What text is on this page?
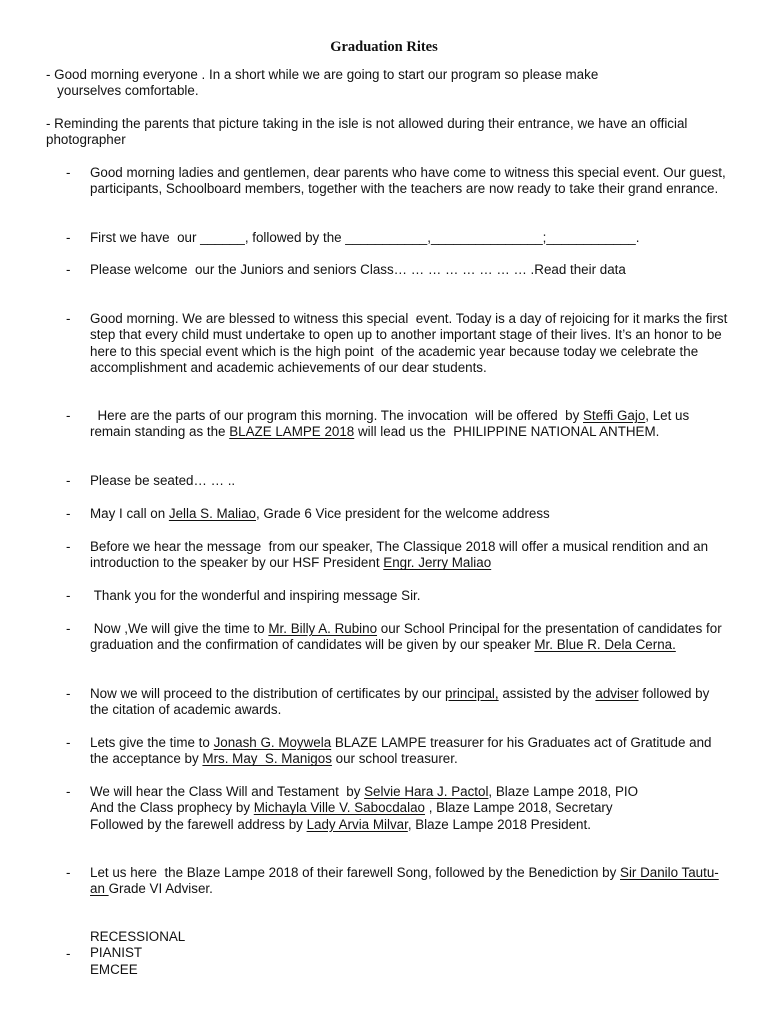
Graduation Rites
- Good morning everyone . In a short while we are going to start our program so please make
yourselves comfortable.
- Reminding the parents that picture taking in the isle is not allowed during their entrance, we have an official photographer
- Good morning ladies and gentlemen, dear parents who have come to witness this special event. Our guest, participants, Schoolboard members, together with the teachers are now ready to take their grand enrance.
- First we have  our ______, followed by the ___________,_______________;____________.
- Please welcome  our the Juniors and seniors Class… … … … … … … … .Read their data
- Good morning. We are blessed to witness this special  event. Today is a day of rejoicing for it marks the first step that every child must undertake to open up to another important stage of their lives. It’s an honor to be here to this special event which is the high point  of the academic year because today we celebrate the accomplishment and academic achievements of our dear students.
- Here are the parts of our program this morning. The invocation  will be offered  by Steffi Gajo, Let us remain standing as the BLAZE LAMPE 2018 will lead us the  PHILIPPINE NATIONAL ANTHEM.
- Please be seated… … ..
- May I call on Jella S. Maliao, Grade 6 Vice president for the welcome address
- Before we hear the message  from our speaker, The Classique 2018 will offer a musical rendition and an introduction to the speaker by our HSF President Engr. Jerry Maliao
- Thank you for the wonderful and inspiring message Sir.
- Now ,We will give the time to Mr. Billy A. Rubino our School Principal for the presentation of candidates for graduation and the confirmation of candidates will be given by our speaker Mr. Blue R. Dela Cerna.
- Now we will proceed to the distribution of certificates by our principal, assisted by the adviser followed by the citation of academic awards.
- Lets give the time to Jonash G. Moywela BLAZE LAMPE treasurer for his Graduates act of Gratitude and the acceptance by Mrs. May  S. Manigos our school treasurer.
- We will hear the Class Will and Testament  by Selvie Hara J. Pactol, Blaze Lampe 2018, PIO
And the Class prophecy by Michayla Ville V. Sabocdalao , Blaze Lampe 2018, Secretary
Followed by the farewell address by Lady Arvia Milvar, Blaze Lampe 2018 President.
- Let us here  the Blaze Lampe 2018 of their farewell Song, followed by the Benediction by Sir Danilo Tautu-an Grade VI Adviser.
RECESSIONAL
PIANIST
EMCEE
-
